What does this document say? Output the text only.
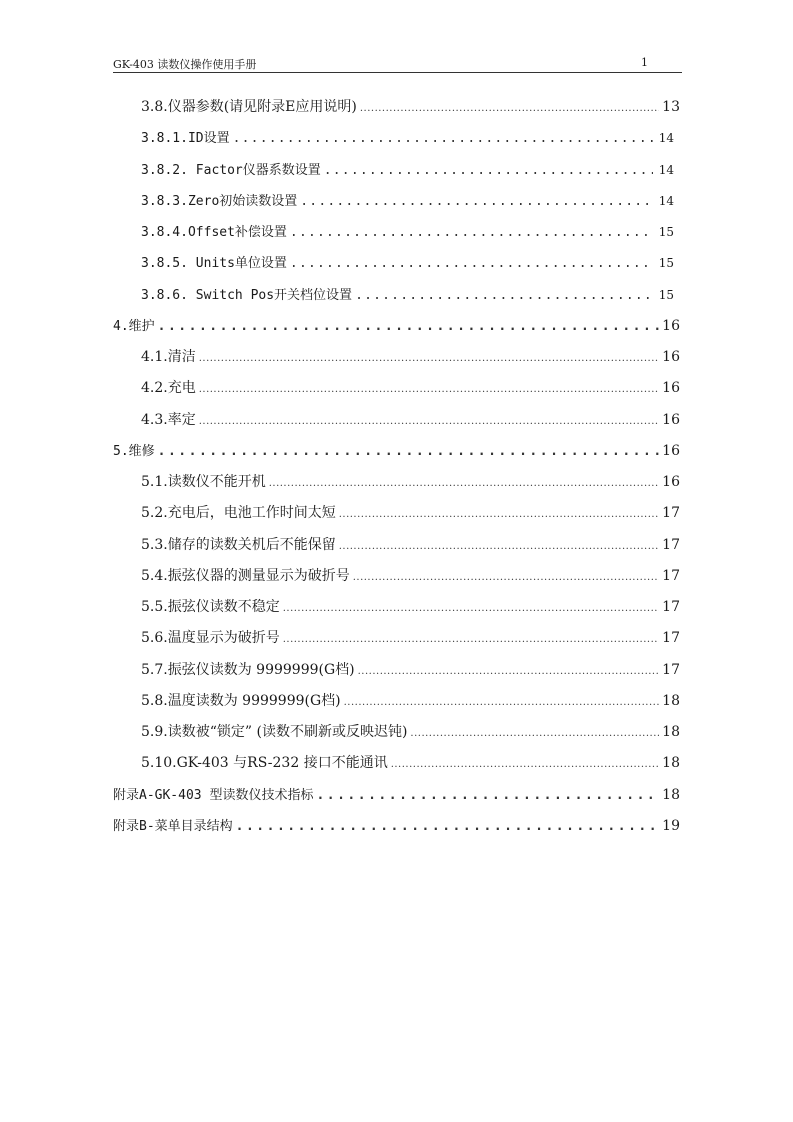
GK-403 读数仪操作使用手册	1
3.8.仪器参数(请见附录E应用说明) .....	13
3.8.1.ID设置 .....	14
3.8.2. Factor仪器系数设置 .....	14
3.8.3.Zero初始读数设置 .....	14
3.8.4.Offset补偿设置 .....	15
3.8.5. Units单位设置 .....	15
3.8.6. Switch Pos开关档位设置 .....	15
4.维护 .....	16
4.1.清洁 .....	16
4.2.充电 .....	16
4.3.率定 .....	16
5.维修 .....	16
5.1.读数仪不能开机 .....	16
5.2.充电后，电池工作时间太短 .....	17
5.3.储存的读数关机后不能保留 .....	17
5.4.振弦仪器的测量显示为破折号 .....	17
5.5.振弦仪读数不稳定 .....	17
5.6.温度显示为破折号 .....	17
5.7.振弦仪读数为 9999999(G档) .....	17
5.8.温度读数为 9999999(G档) .....	18
5.9.读数被“锁定” (读数不刷新或反映迟钝) .....	18
5.10.GK-403 与RS-232 接口不能通讯 .....	18
附录A-GK-403 型读数仪技术指标 .....	18
附录B-菜单目录结构 .....	19
